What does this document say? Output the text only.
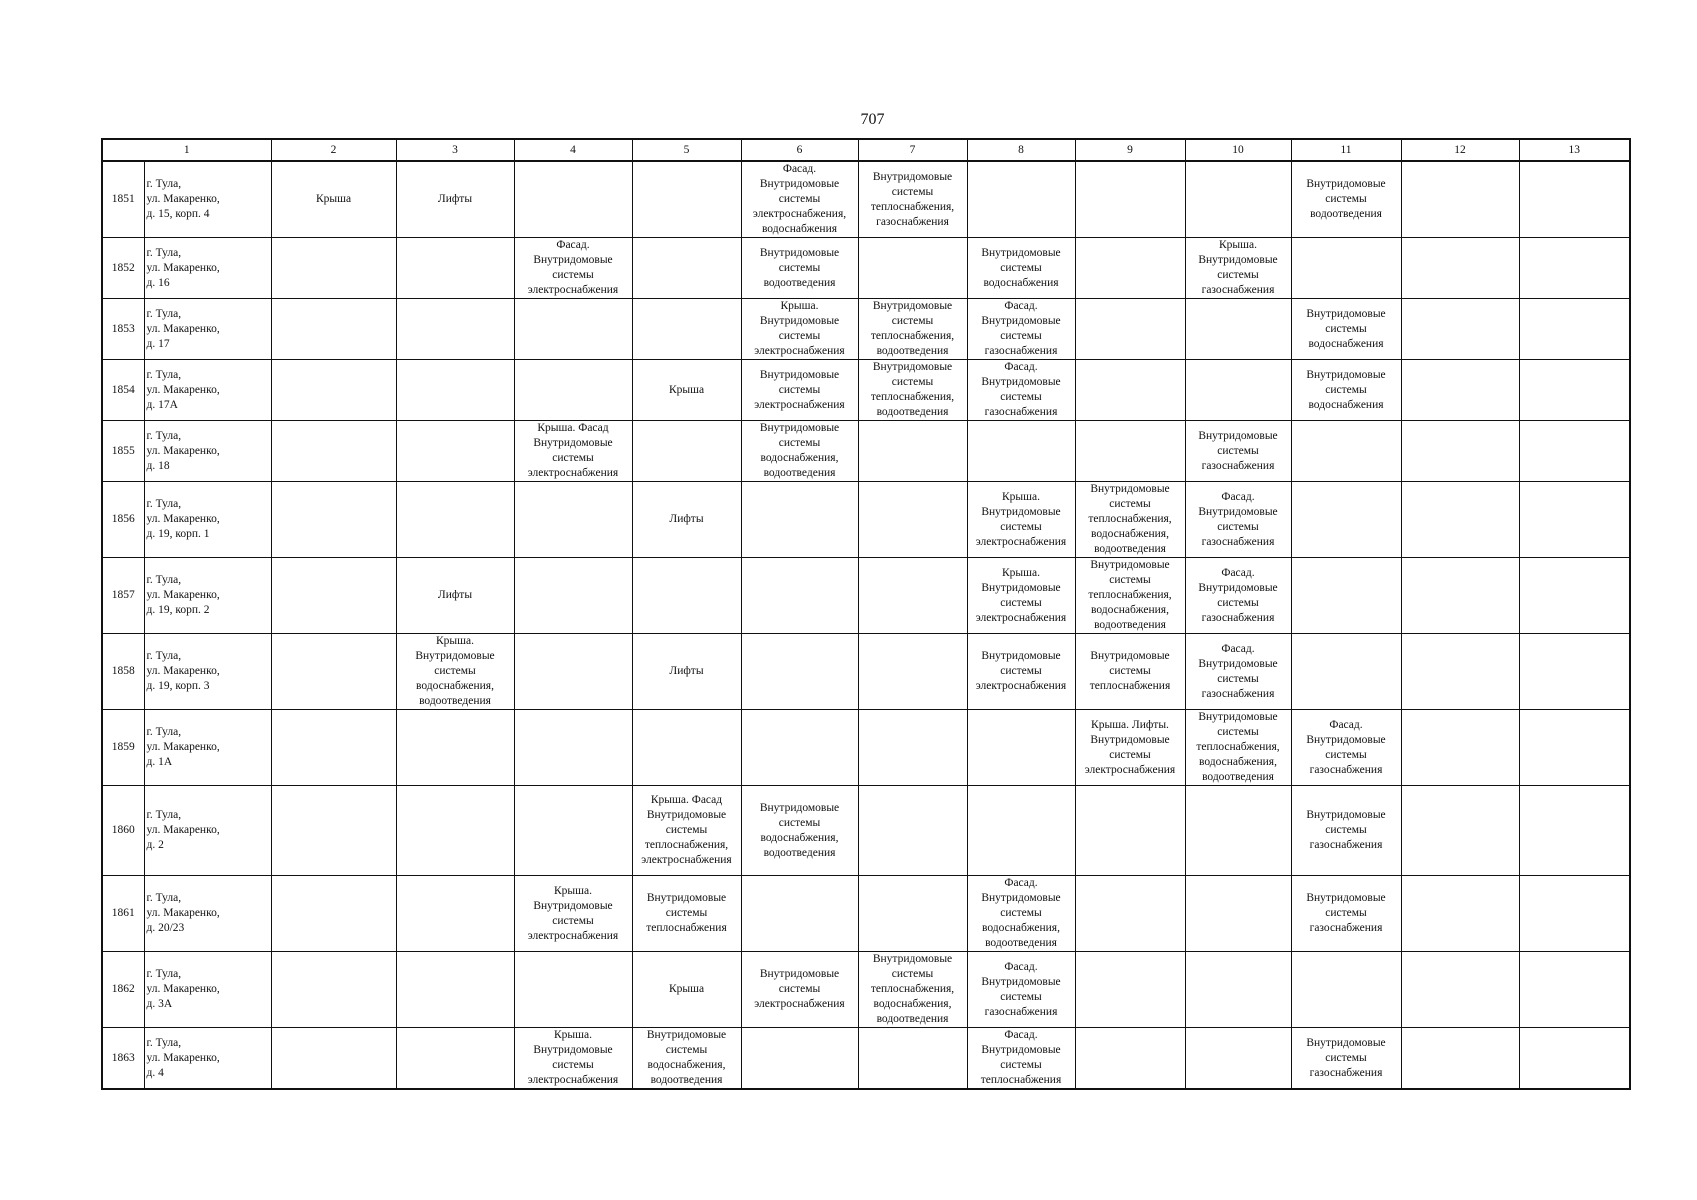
707
1		2	3	4	5	6	7	8	9	10	11	12	13
1851	г. Тула,
ул. Макаренко,
д. 15, корп. 4	Крыша	Лифты			Фасад.
Внутридомовые
системы
электроснабжения,
водоснабжения	Внутридомовые
системы
теплоснабжения,
газоснабжения				Внутридомовые
системы
водоотведения		
1852	г. Тула,
ул. Макаренко,
д. 16			Фасад.
Внутридомовые
системы
электроснабжения		Внутридомовые
системы
водоотведения		Внутридомовые
системы
водоснабжения		Крыша.
Внутридомовые
системы
газоснабжения			
1853	г. Тула,
ул. Макаренко,
д. 17					Крыша.
Внутридомовые
системы
электроснабжения	Внутридомовые
системы
теплоснабжения,
водоотведения	Фасад.
Внутридомовые
системы
газоснабжения			Внутридомовые
системы
водоснабжения		
1854	г. Тула,
ул. Макаренко,
д. 17А				Крыша	Внутридомовые
системы
электроснабжения	Внутридомовые
системы
теплоснабжения,
водоотведения	Фасад.
Внутридомовые
системы
газоснабжения			Внутридомовые
системы
водоснабжения		
1855	г. Тула,
ул. Макаренко,
д. 18			Крыша. Фасад
Внутридомовые
системы
электроснабжения		Внутридомовые
системы
водоснабжения,
водоотведения				Внутридомовые
системы
газоснабжения			
1856	г. Тула,
ул. Макаренко,
д. 19, корп. 1				Лифты			Крыша.
Внутридомовые
системы
электроснабжения	Внутридомовые
системы
теплоснабжения,
водоснабжения,
водоотведения	Фасад.
Внутридомовые
системы
газоснабжения			
1857	г. Тула,
ул. Макаренко,
д. 19, корп. 2		Лифты					Крыша.
Внутридомовые
системы
электроснабжения	Внутридомовые
системы
теплоснабжения,
водоснабжения,
водоотведения	Фасад.
Внутридомовые
системы
газоснабжения			
1858	г. Тула,
ул. Макаренко,
д. 19, корп. 3		Крыша.
Внутридомовые
системы
водоснабжения,
водоотведения		Лифты			Внутридомовые
системы
электроснабжения	Внутридомовые
системы
теплоснабжения	Фасад.
Внутридомовые
системы
газоснабжения			
1859	г. Тула,
ул. Макаренко,
д. 1А								Крыша. Лифты.
Внутридомовые
системы
электроснабжения	Внутридомовые
системы
теплоснабжения,
водоснабжения,
водоотведения	Фасад.
Внутридомовые
системы
газоснабжения		
1860	г. Тула,
ул. Макаренко,
д. 2				Крыша. Фасад
Внутридомовые
системы
теплоснабжения,
электроснабжения	Внутридомовые
системы
водоснабжения,
водоотведения					Внутридомовые
системы
газоснабжения		
1861	г. Тула,
ул. Макаренко,
д. 20/23			Крыша.
Внутридомовые
системы
электроснабжения	Внутридомовые
системы
теплоснабжения			Фасад.
Внутридомовые
системы
водоснабжения,
водоотведения			Внутридомовые
системы
газоснабжения		
1862	г. Тула,
ул. Макаренко,
д. 3А				Крыша	Внутридомовые
системы
электроснабжения	Внутридомовые
системы
теплоснабжения,
водоснабжения,
водоотведения	Фасад.
Внутридомовые
системы
газоснабжения					
1863	г. Тула,
ул. Макаренко,
д. 4			Крыша.
Внутридомовые
системы
электроснабжения	Внутридомовые
системы
водоснабжения,
водоотведения			Фасад.
Внутридомовые
системы
теплоснабжения			Внутридомовые
системы
газоснабжения		
